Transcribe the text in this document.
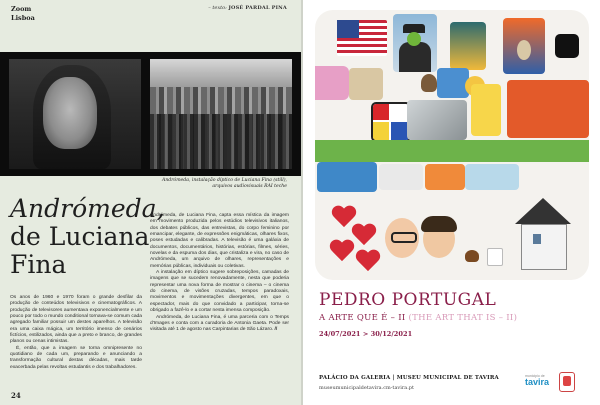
Zoom
Lisboa
– texto: JOSÉ PARDAL PINA
Andrómeda, instalação díptico de Luciana Fina (still), arquivos audiovisuais RAI teche
Andrómeda,
de Luciana
Fina

Os anos de 1960 e 1970 foram o grande desfilar da produção de conteúdos televisivos e cinematográficos. A produção de televisores aumentava exponencialmente e um pouco por todo o mundo conditional tornava-se comum cada agregado familiar possuir um destes aparelhos. A televisão era uma caixa mágica, um território imenso de cenários fictícios, estilizados, ainda que a preto e branco, de grandes planos ou cenas intimistas.

É, então, que a imagem se torna omnipresente no quotidiano de cada um, preparando e anunciando a transformação cultural destas décadas, mais tarde exacerbada pelas revoltas estudantis e dos trabalhadores.

Andrómeda, de Luciana Fina, capta essa mística da imagem em movimento produzida pelos estúdios televisivos italianos, dos debates públicos, das entrevistas, do corpo feminino por emancipar, elegante, de expressões enigmáticas, olhares fixos, poses estudadas e calibradas. A televisão é uma galáxia de documentos, documentários, histórias, estórias, filmes, séries, novelas e da espuma dos dias, que cristaliza e vira, no caso de Andrómeda, um arquivo de olhares, representações e memórias públicas, individuais ou coletivas.

A instalação em díptico sugere sobreposições, camadas de imagens que se sucedem renovadamente, nesta que poderia representar uma nova forma de mostrar o cinema – o cinema do cinema, de visões cruzadas, tempos paradoxais, movimentos e movimentações divergentes, em que o espectador, mais do que convidado a participar, torna-se obrigado a fazê-lo e a cortar nesta imensa composição.

Andrómeda, de Luciana Fina, é uma parceria com o Temps d'Images e conta com a curadoria de Antonia Gaeta. Pode ser visitada até 1 de agosto nas Carpintarias de São Lázaro. //

24
PEDRO PORTUGAL
A ARTE QUE É – II (THE ART THAT IS – II)
24/07/2021 > 30/12/2021
PALÁCIO DA GALERIA | MUSEU MUNICIPAL DE TAVIRA
museumunicipaldetavira.cm-tavira.pt
municipio de
tavira
